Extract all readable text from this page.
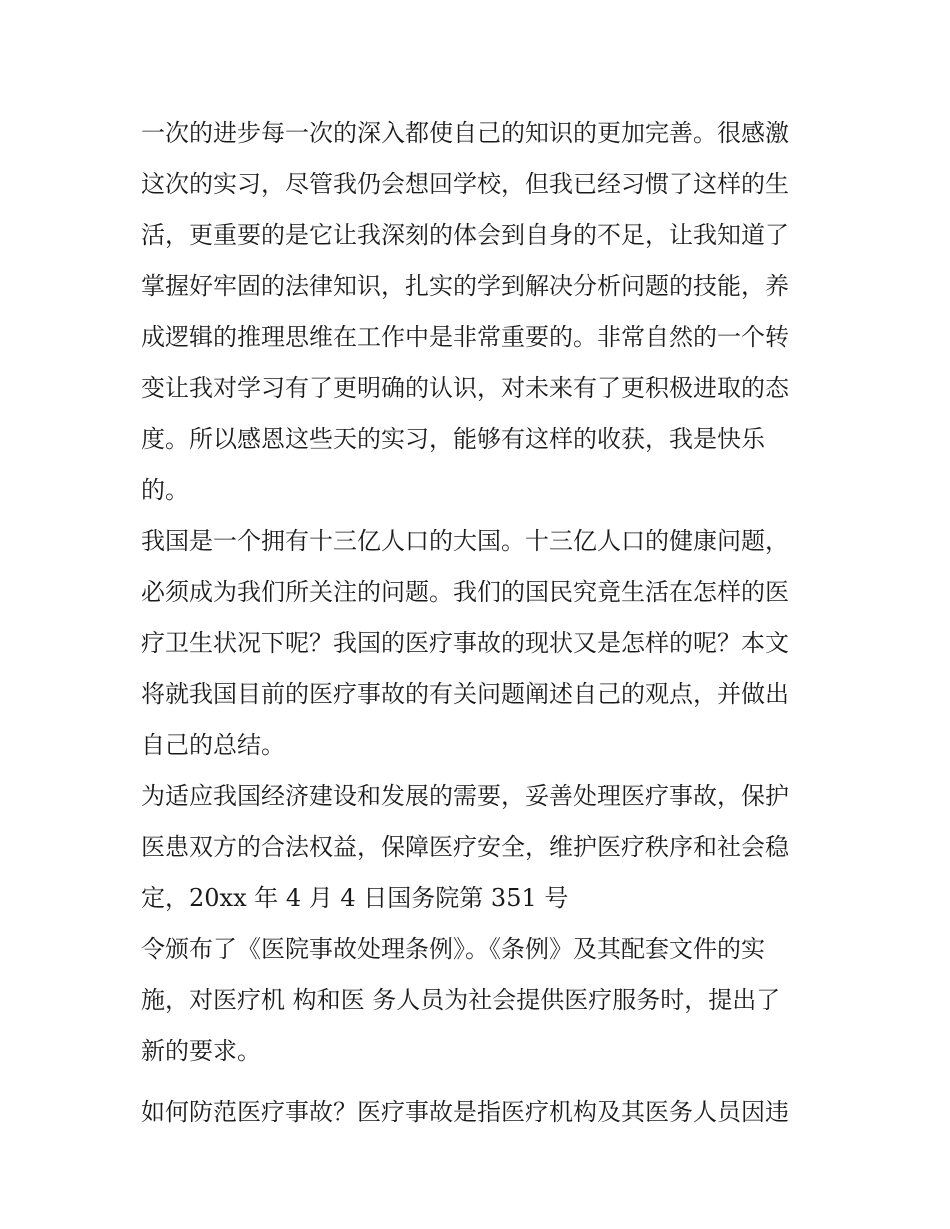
一次的进步每一次的深入都使自己的知识的更加完善。很感激
这次的实习，尽管我仍会想回学校，但我已经习惯了这样的生
活，更重要的是它让我深刻的体会到自身的不足，让我知道了
掌握好牢固的法律知识，扎实的学到解决分析问题的技能，养
成逻辑的推理思维在工作中是非常重要的。非常自然的一个转
变让我对学习有了更明确的认识，对未来有了更积极进取的态
度。所以感恩这些天的实习，能够有这样的收获，我是快乐
的。
我国是一个拥有十三亿人口的大国。十三亿人口的健康问题，
必须成为我们所关注的问题。我们的国民究竟生活在怎样的医
疗卫生状况下呢？我国的医疗事故的现状又是怎样的呢？本文
将就我国目前的医疗事故的有关问题阐述自己的观点，并做出
自己的总结。
为适应我国经济建设和发展的需要，妥善处理医疗事故，保护
医患双方的合法权益，保障医疗安全，维护医疗秩序和社会稳
定，20xx 年 4 月 4 日国务院第 351 号
令颁布了《医院事故处理条例》。《条例》及其配套文件的实
施，对医疗机 构和医 务人员为社会提供医疗服务时，提出了
新的要求。
如何防范医疗事故？医疗事故是指医疗机构及其医务人员因违
